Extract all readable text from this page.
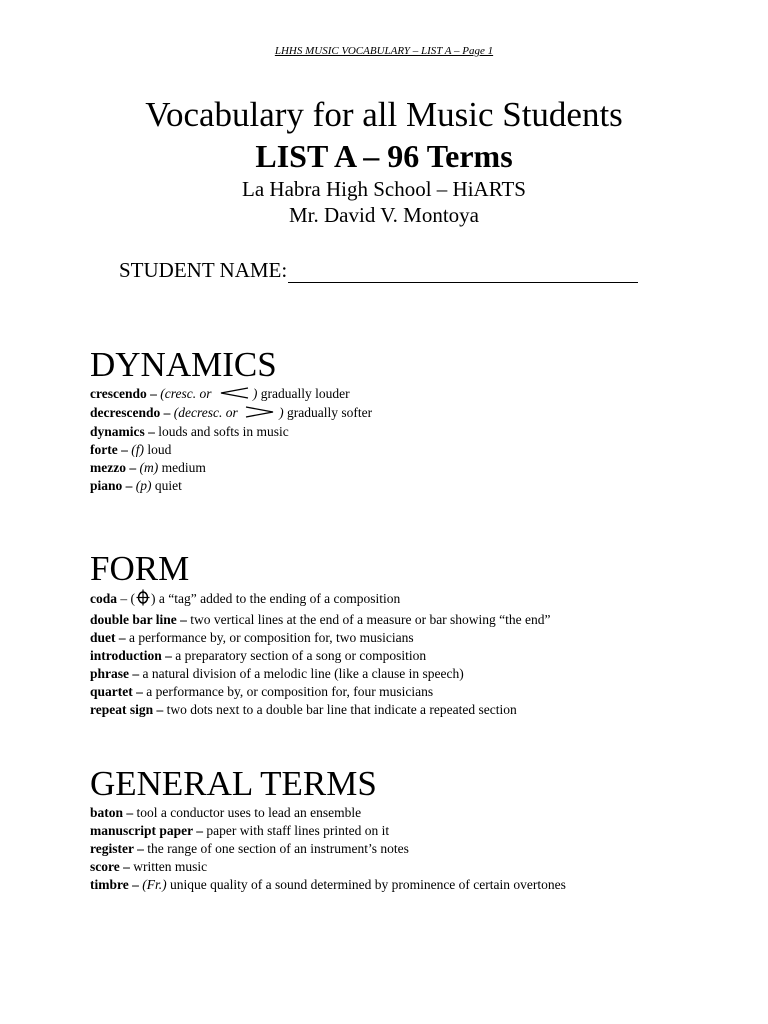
LHHS MUSIC VOCABULARY – LIST A – Page 1
Vocabulary for all Music Students
LIST A – 96 Terms
La Habra High School – HiARTS
Mr. David V. Montoya
STUDENT NAME:
DYNAMICS
crescendo – (cresc. or	) gradually louder
decrescendo – (decresc. or	) gradually softer
dynamics – louds and softs in music
forte – (f) loud
mezzo – (m) medium
piano – (p) quiet
FORM
coda – ( ) a “tag” added to the ending of a composition
double bar line – two vertical lines at the end of a measure or bar showing “the end”
duet – a performance by, or composition for, two musicians
introduction – a preparatory section of a song or composition
phrase – a natural division of a melodic line (like a clause in speech)
quartet – a performance by, or composition for, four musicians
repeat sign – two dots next to a double bar line that indicate a repeated section
GENERAL TERMS
baton – tool a conductor uses to lead an ensemble
manuscript paper – paper with staff lines printed on it
register – the range of one section of an instrument’s notes
score – written music
timbre – (Fr.) unique quality of a sound determined by prominence of certain overtones
